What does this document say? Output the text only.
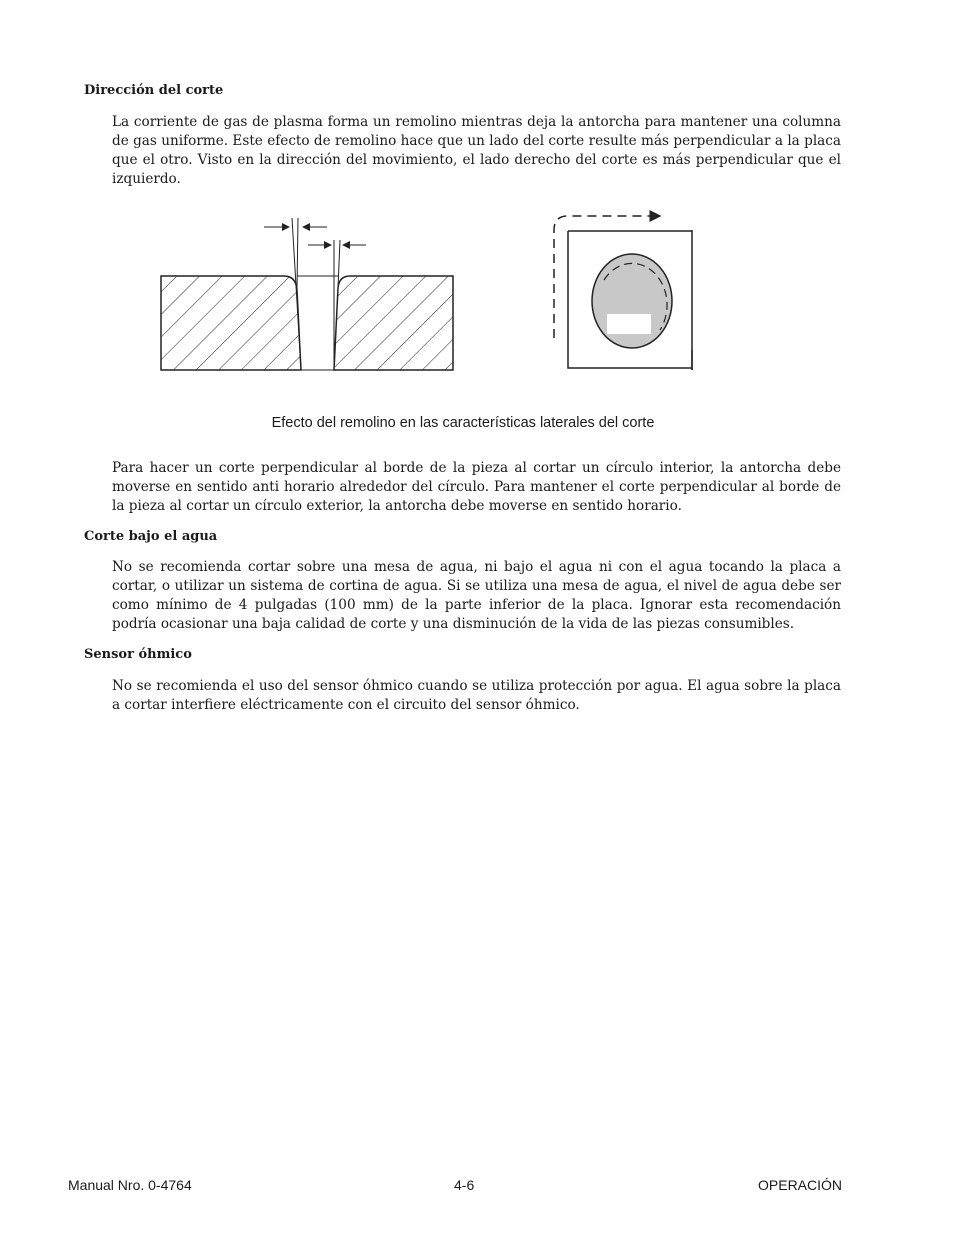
Dirección del corte
La corriente de gas de plasma forma un remolino mientras deja la antorcha para mantener una columna de gas uniforme. Este efecto de remolino hace que un lado del corte resulte más perpendicular a la placa que el otro. Visto en la dirección del movimiento, el lado derecho del corte es más perpendicular que el izquierdo.
Efecto del remolino en las características laterales del corte
Para hacer un corte perpendicular al borde de la pieza al cortar un círculo interior, la antorcha debe moverse en sentido anti horario alrededor del círculo. Para mantener el corte perpendicular al borde de la pieza al cortar un círculo exterior, la antorcha debe moverse en sentido horario.
Corte bajo el agua
No se recomienda cortar sobre una mesa de agua, ni bajo el agua ni con el agua tocando la placa a cortar, o utilizar un sistema de cortina de agua. Si se utiliza una mesa de agua, el nivel de agua debe ser como mínimo de 4 pulgadas (100 mm) de la parte inferior de la placa. Ignorar esta recomendación podría ocasionar una baja calidad de corte y una disminución de la vida de las piezas consumibles.
Sensor óhmico
No se recomienda el uso del sensor óhmico cuando se utiliza protección por agua. El agua sobre la placa a cortar interfiere eléctricamente con el circuito del sensor óhmico.
Manual Nro. 0-4764	4-6	OPERACIÓN
